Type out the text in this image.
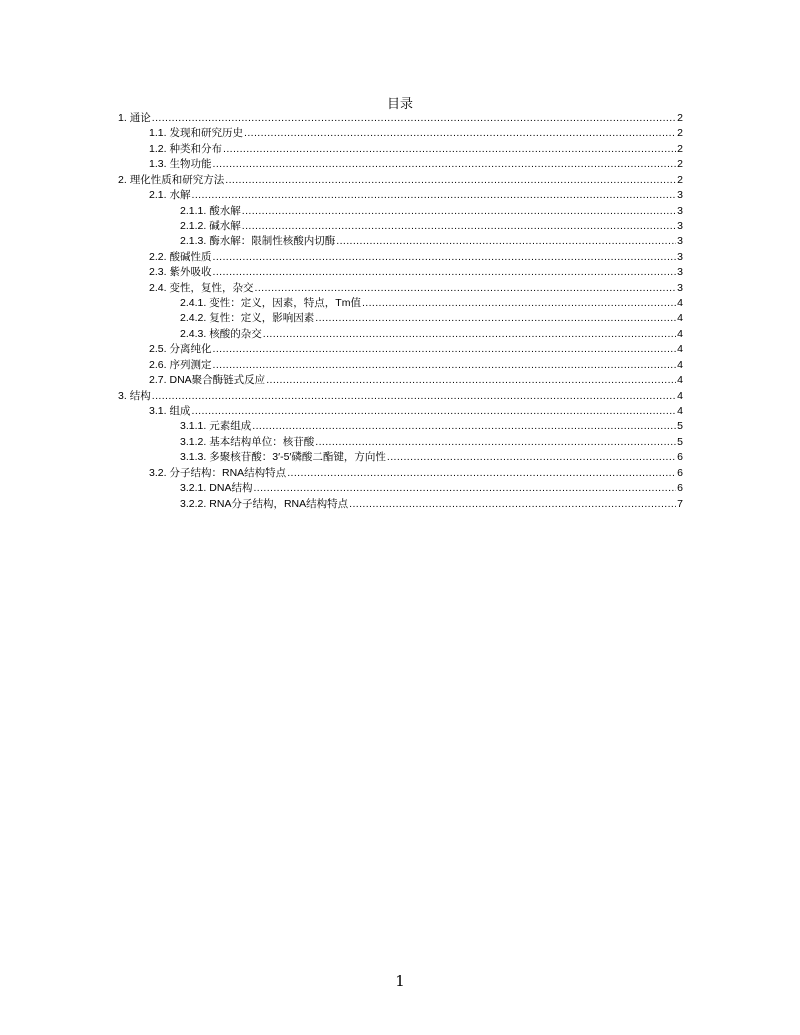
目录
1. 通论 .....	2
1.1. 发现和研究历史 .....	2
1.2. 种类和分布 .....	2
1.3. 生物功能 .....	2
2. 理化性质和研究方法 .....	2
2.1. 水解 .....	3
2.1.1. 酸水解 .....	3
2.1.2. 碱水解 .....	3
2.1.3. 酶水解：限制性核酸内切酶 .....	3
2.2. 酸碱性质 .....	3
2.3. 紫外吸收 .....	3
2.4. 变性，复性，杂交 .....	3
2.4.1. 变性：定义，因素，特点，Tm值 .....	4
2.4.2. 复性：定义，影响因素 .....	4
2.4.3. 核酸的杂交 .....	4
2.5. 分离纯化 .....	4
2.6. 序列测定 .....	4
2.7. DNA聚合酶链式反应 .....	4
3. 结构 .....	4
3.1. 组成 .....	4
3.1.1. 元素组成 .....	5
3.1.2. 基本结构单位：核苷酸 .....	5
3.1.3. 多聚核苷酸：3′-5′磷酸二酯键，方向性 .....	6
3.2. 分子结构：RNA结构特点 .....	6
3.2.1. DNA结构 .....	6
3.2.2. RNA分子结构，RNA结构特点 .....	7
1
